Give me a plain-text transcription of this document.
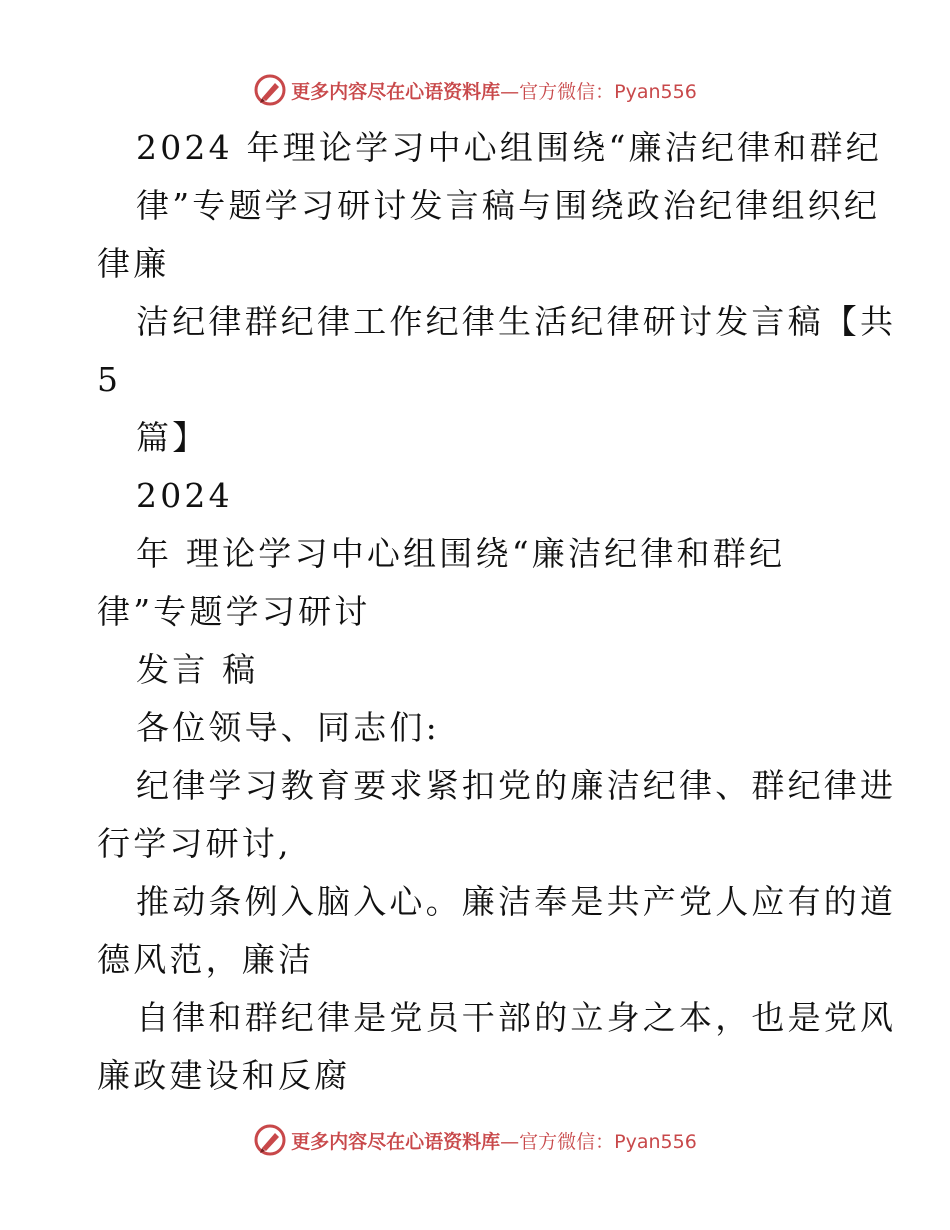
更多内容尽在心语资料库—官方微信：Pyan556
2024 年理论学习中心组围绕“廉洁纪律和群纪
律”专题学习研讨发言稿与围绕政治纪律组织纪
律廉
洁纪律群纪律工作纪律生活纪律研讨发言稿【共
5
篇】
2024
年 理论学习中心组围绕“廉洁纪律和群纪
律”专题学习研讨
发言 稿
各位领导、同志们:
纪律学习教育要求紧扣党的廉洁纪律、群纪律进
行学习研讨,
推动条例入脑入心。廉洁奉是共产党人应有的道
德风范，廉洁
自律和群纪律是党员干部的立身之本，也是党风
廉政建设和反腐
更多内容尽在心语资料库—官方微信：Pyan556
